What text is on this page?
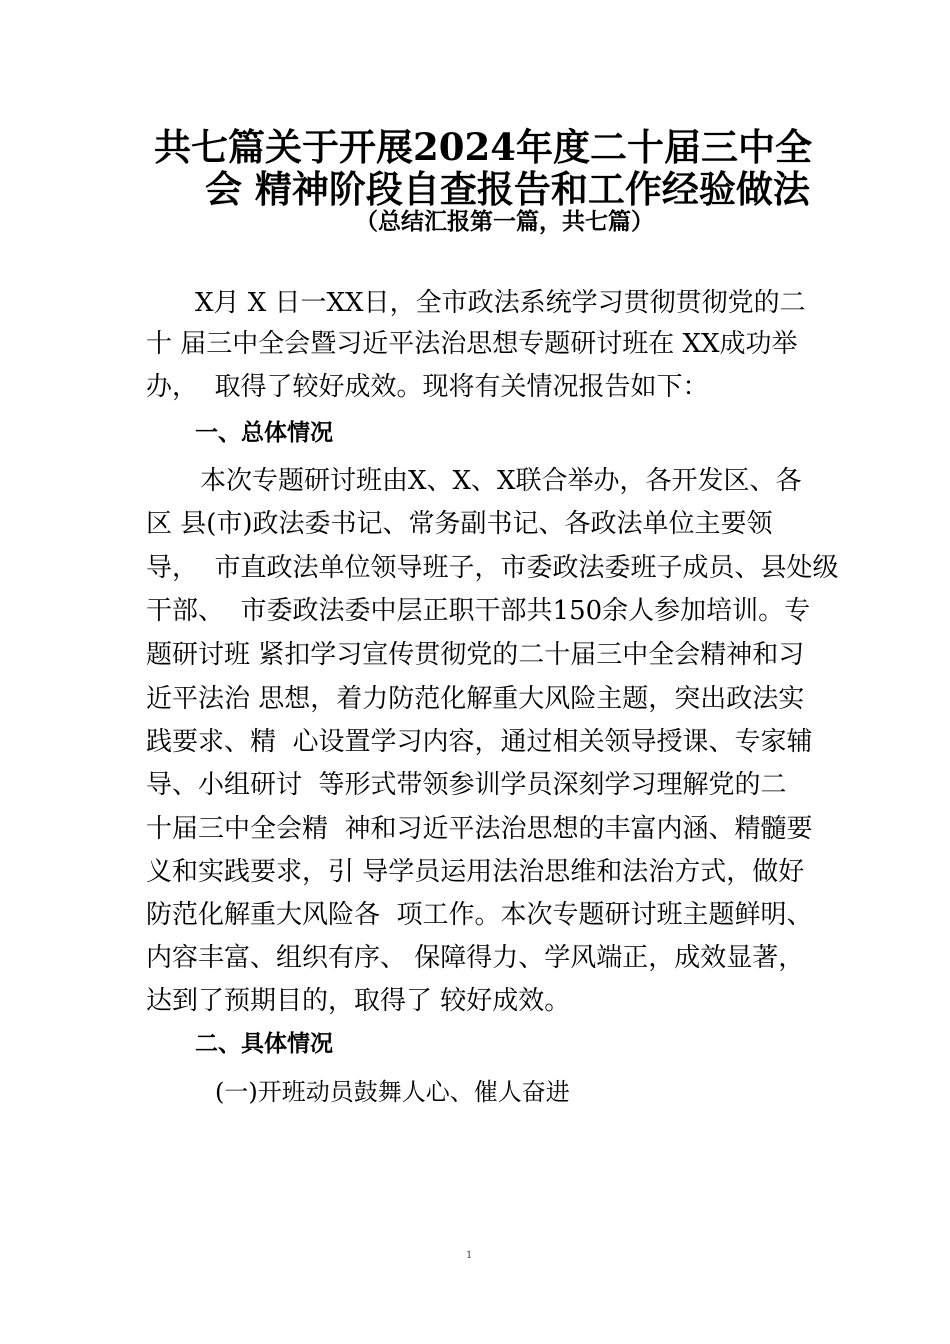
共七篇关于开展2024年度二十届三中全
会 精神阶段自查报告和工作经验做法
（总结汇报第一篇，共七篇）
X月 X 日一XX日，全市政法系统学习贯彻贯彻党的二
十 届三中全会暨习近平法治思想专题研讨班在 XX成功举
办，  取得了较好成效。现将有关情况报告如下：
一、总体情况
本次专题研讨班由X、X、X联合举办，各开发区、各
区 县(市)政法委书记、常务副书记、各政法单位主要领
导，  市直政法单位领导班子，市委政法委班子成员、县处级
干部、  市委政法委中层正职干部共150余人参加培训。专
题研讨班 紧扣学习宣传贯彻党的二十届三中全会精神和习
近平法治 思想，着力防范化解重大风险主题，突出政法实
践要求、精  心设置学习内容，通过相关领导授课、专家辅
导、小组研讨  等形式带领参训学员深刻学习理解党的二
十届三中全会精  神和习近平法治思想的丰富内涵、精髓要
义和实践要求，引 导学员运用法治思维和法治方式，做好
防范化解重大风险各  项工作。本次专题研讨班主题鲜明、
内容丰富、组织有序、 保障得力、学风端正，成效显著，
达到了预期目的，取得了 较好成效。
二、具体情况
(一)开班动员鼓舞人心、催人奋进
1
